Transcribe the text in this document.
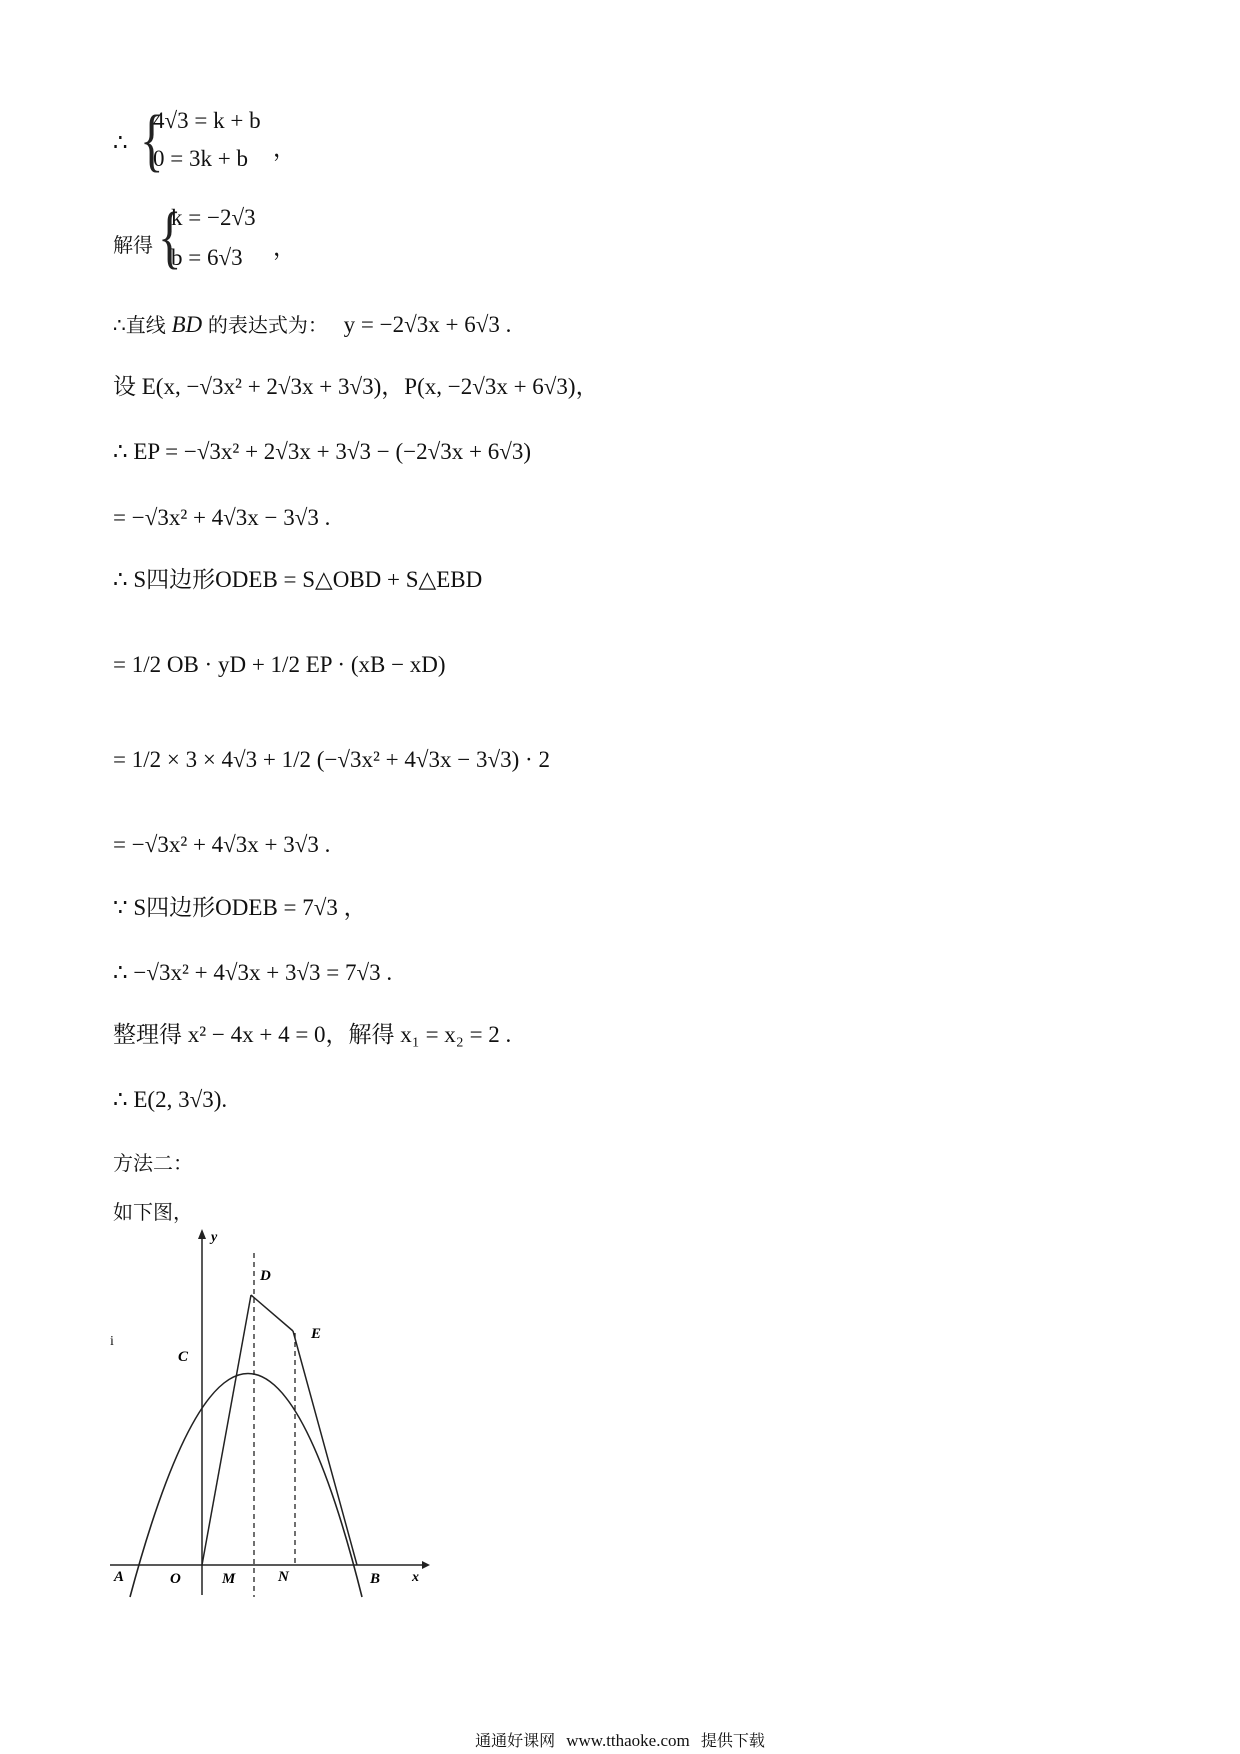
∴ {
4√3 = k + b
0 = 3k + b ，
解得 {
k = −2√3
b = 6√3 ，
∴直线 BD 的表达式为： y = −2√3x + 6√3 .
设 E(x, −√3x² + 2√3x + 3√3)，P(x, −2√3x + 6√3)，
∴ EP = −√3x² + 2√3x + 3√3 − (−2√3x + 6√3)
= −√3x² + 4√3x − 3√3 .
∴ S四边形ODEB = S△OBD + S△EBD
= 1/2 OB · yD + 1/2 EP · (xB − xD)
= 1/2 × 3 × 4√3 + 1/2 (−√3x² + 4√3x − 3√3) · 2
= −√3x² + 4√3x + 3√3 .
∵ S四边形ODEB = 7√3 ，
∴ −√3x² + 4√3x + 3√3 = 7√3 .
整理得 x² − 4x + 4 = 0，解得 x₁ = x₂ = 2 .
∴ E(2, 3√3).
方法二：
如下图，
i
y
x
D
E
C
A	O	M	N	B
通通好课网 www.tthaoke.com 提供下载
